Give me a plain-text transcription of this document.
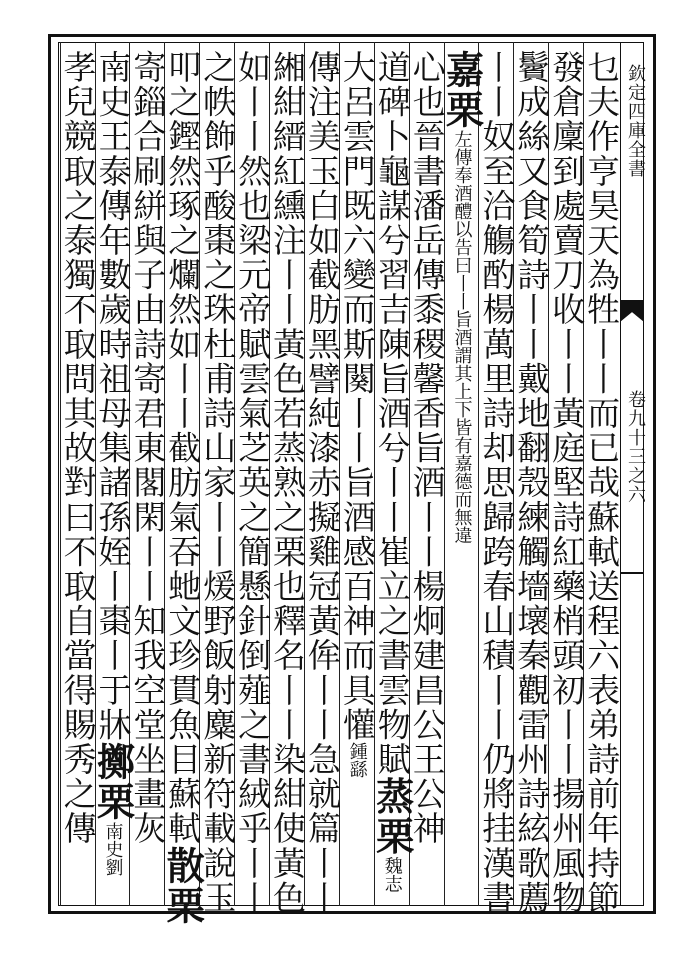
欽定四庫全書
卷九十三之六
乜夫作亨昊天為牲丨丨而已哉蘇軾送程六表弟詩前年持節
發倉廩到處賣刀收丨丨黃庭堅詩紅藥梢頭初丨丨揚州風物
鬢成絲又食筍詩丨丨戴地翻殼練觸墻壞秦觀雷州詩絃歌薦
丨丨奴至洽觴酌楊萬里詩却思歸跨春山積丨丨仍將挂漢書
嘉栗左傳奉酒醴以告曰丨丨旨酒謂其上下皆有嘉德而無違
心也晉書潘岳傳黍稷馨香旨酒丨丨楊炯建昌公王公神
道碑卜龜謀兮習吉陳旨酒兮丨丨崔立之書雲物賦蒸栗魏志
大呂雲門既六變而斯闋丨丨旨酒感百神而具懽鍾繇
傳注美玉白如截肪黑譬純漆赤擬雞冠黃侔丨丨急就篇丨丨
緗紺縉紅纁注丨丨黃色若蒸熟之栗也釋名丨丨染紺使黃色
如丨丨然也梁元帝賦雲氣芝英之簡懸針倒薤之書絨乎丨丨
之帙飾乎酸棗之珠杜甫詩山家丨丨煖野飯射麋新符載說玉
叩之鏗然琢之爛然如丨丨截肪氣吞虵文珍貫魚目蘇軾散栗
寄錙合刷絣與子由詩寄君東閣閑丨丨知我空堂坐畫灰
南史王泰傳年數歲時祖母集諸孫姪丨棗丨于牀擲栗南史劉
孝兒競取之泰獨不取問其故對曰不取自當得賜秀之傳
